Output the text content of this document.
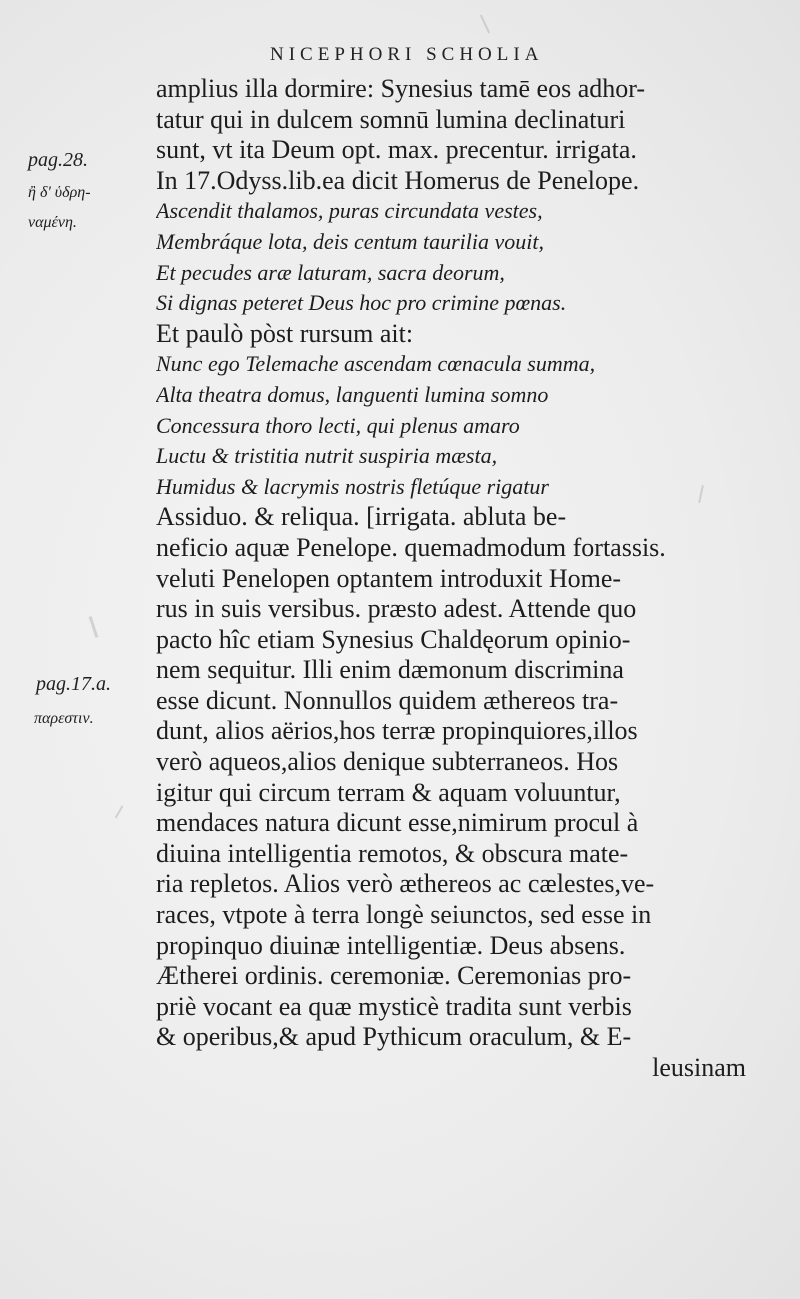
NICEPHORI SCHOLIA
pag.28.
ἢ δ' ὑδρη-
ναμένη.
pag.17.a.
παρεστιν.
amplius illa dormire: Synesius tamē eos adhor-
tatur qui in dulcem somnū lumina declinaturi
sunt, vt ita Deum opt. max. precentur. irrigata.
In 17.Odyss.lib.ea dicit Homerus de Penelope.
Ascendit thalamos, puras circundata vestes,
Membráque lota, deis centum taurilia vouit,
Et pecudes aræ laturam, sacra deorum,
Si dignas peteret Deus hoc pro crimine pœnas.
Et paulò pòst rursum ait:
Nunc ego Telemache ascendam cœnacula summa,
Alta theatra domus, languenti lumina somno
Concessura thoro lecti, qui plenus amaro
Luctu & tristitia nutrit suspiria mæsta,
Humidus & lacrymis nostris fletúque rigatur
Assiduo. & reliqua. [irrigata. abluta be-
neficio aquæ Penelope. quemadmodum fortassis.
veluti Penelopen optantem introduxit Home-
rus in suis versibus. præsto adest. Attende quo
pacto hîc etiam Synesius Chaldęorum opinio-
nem sequitur. Illi enim dæmonum discrimina
esse dicunt. Nonnullos quidem æthereos tra-
dunt, alios aërios,hos terræ propinquiores,illos
verò aqueos,alios denique subterraneos. Hos
igitur qui circum terram & aquam voluuntur,
mendaces natura dicunt esse,nimirum procul à
diuina intelligentia remotos, & obscura mate-
ria repletos. Alios verò æthereos ac cælestes,ve-
races, vtpote à terra longè seiunctos, sed esse in
propinquo diuinæ intelligentiæ. Deus absens.
Ætherei ordinis. ceremoniæ. Ceremonias pro-
priè vocant ea quæ mysticè tradita sunt verbis
& operibus,& apud Pythicum oraculum, & E-
leusinam
